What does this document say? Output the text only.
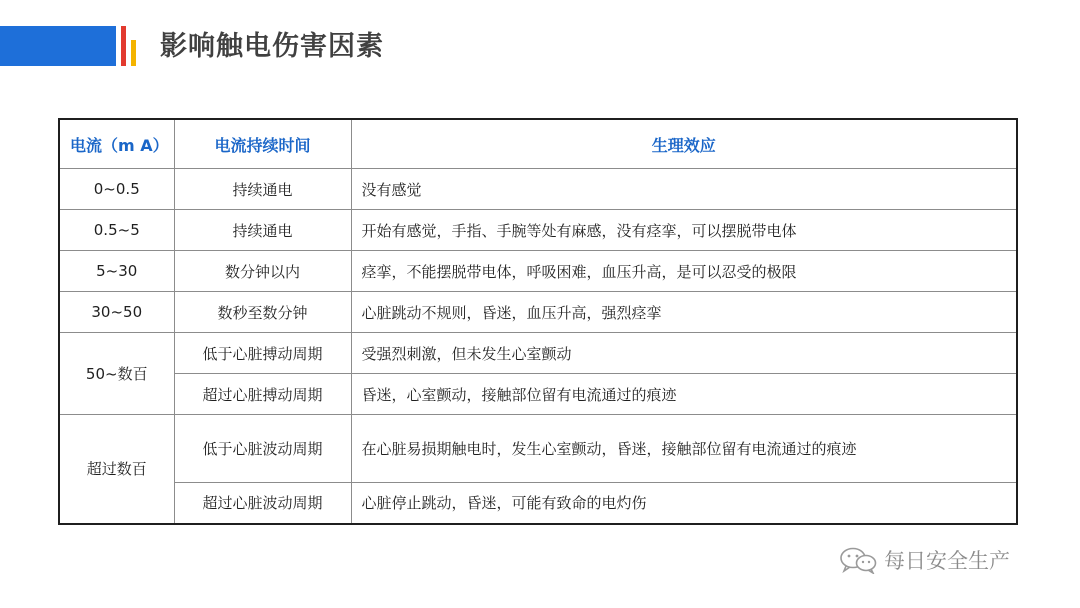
影响触电伤害因素
电流（m A）	电流持续时间	生理效应
0~0.5	持续通电	没有感觉
0.5~5	持续通电	开始有感觉，手指、手腕等处有麻感，没有痉挛，可以摆脱带电体
5~30	数分钟以内	痉挛，不能摆脱带电体，呼吸困难，血压升高，是可以忍受的极限
30~50	数秒至数分钟	心脏跳动不规则，昏迷，血压升高，强烈痉挛
50~数百	低于心脏搏动周期	受强烈刺激，但未发生心室颤动
	超过心脏搏动周期	昏迷，心室颤动，接触部位留有电流通过的痕迹
超过数百	低于心脏波动周期	在心脏易损期触电时，发生心室颤动，昏迷，接触部位留有电流通过的痕迹
	超过心脏波动周期	心脏停止跳动，昏迷，可能有致命的电灼伤
每日安全生产
